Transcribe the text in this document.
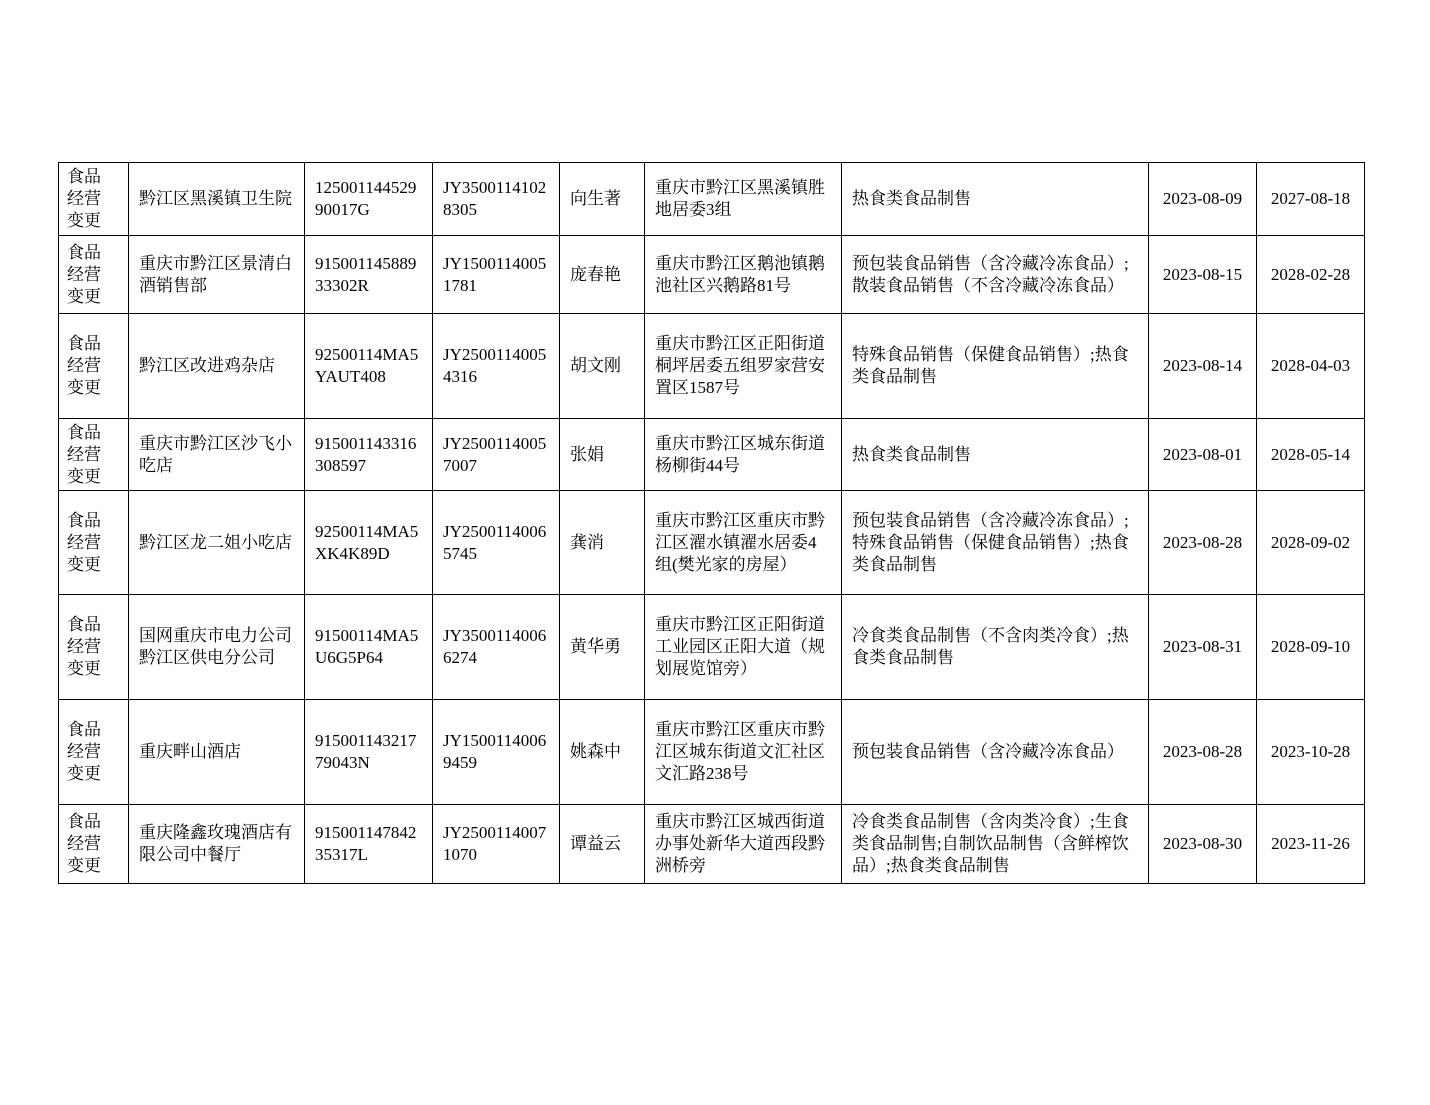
食品
经营
变更	黔江区黑溪镇卫生院	12500114452990017G	JY35001141028305	向生著	重庆市黔江区黑溪镇胜地居委3组	热食类食品制售	2023-08-09	2027-08-18
食品
经营
变更	重庆市黔江区景清白酒销售部	91500114588933302R	JY15001140051781	庞春艳	重庆市黔江区鹅池镇鹅池社区兴鹅路81号	预包装食品销售（含冷藏冷冻食品）;散装食品销售（不含冷藏冷冻食品）	2023-08-15	2028-02-28
食品
经营
变更	黔江区改进鸡杂店	92500114MA5YAUT408	JY25001140054316	胡文刚	重庆市黔江区正阳街道桐坪居委五组罗家营安置区1587号	特殊食品销售（保健食品销售）;热食类食品制售	2023-08-14	2028-04-03
食品
经营
变更	重庆市黔江区沙飞小吃店	915001143316308597	JY25001140057007	张娟	重庆市黔江区城东街道杨柳街44号	热食类食品制售	2023-08-01	2028-05-14
食品
经营
变更	黔江区龙二姐小吃店	92500114MA5XK4K89D	JY25001140065745	龚消	重庆市黔江区重庆市黔江区濯水镇濯水居委4组(樊光家的房屋）	预包装食品销售（含冷藏冷冻食品）;特殊食品销售（保健食品销售）;热食类食品制售	2023-08-28	2028-09-02
食品
经营
变更	国网重庆市电力公司黔江区供电分公司	91500114MA5U6G5P64	JY35001140066274	黄华勇	重庆市黔江区正阳街道工业园区正阳大道（规划展览馆旁）	冷食类食品制售（不含肉类冷食）;热食类食品制售	2023-08-31	2028-09-10
食品
经营
变更	重庆畔山酒店	91500114321779043N	JY15001140069459	姚森中	重庆市黔江区重庆市黔江区城东街道文汇社区文汇路238号	预包装食品销售（含冷藏冷冻食品）	2023-08-28	2023-10-28
食品
经营
变更	重庆隆鑫玫瑰酒店有限公司中餐厅	91500114784235317L	JY25001140071070	谭益云	重庆市黔江区城西街道办事处新华大道西段黔洲桥旁	冷食类食品制售（含肉类冷食）;生食类食品制售;自制饮品制售（含鲜榨饮品）;热食类食品制售	2023-08-30	2023-11-26
